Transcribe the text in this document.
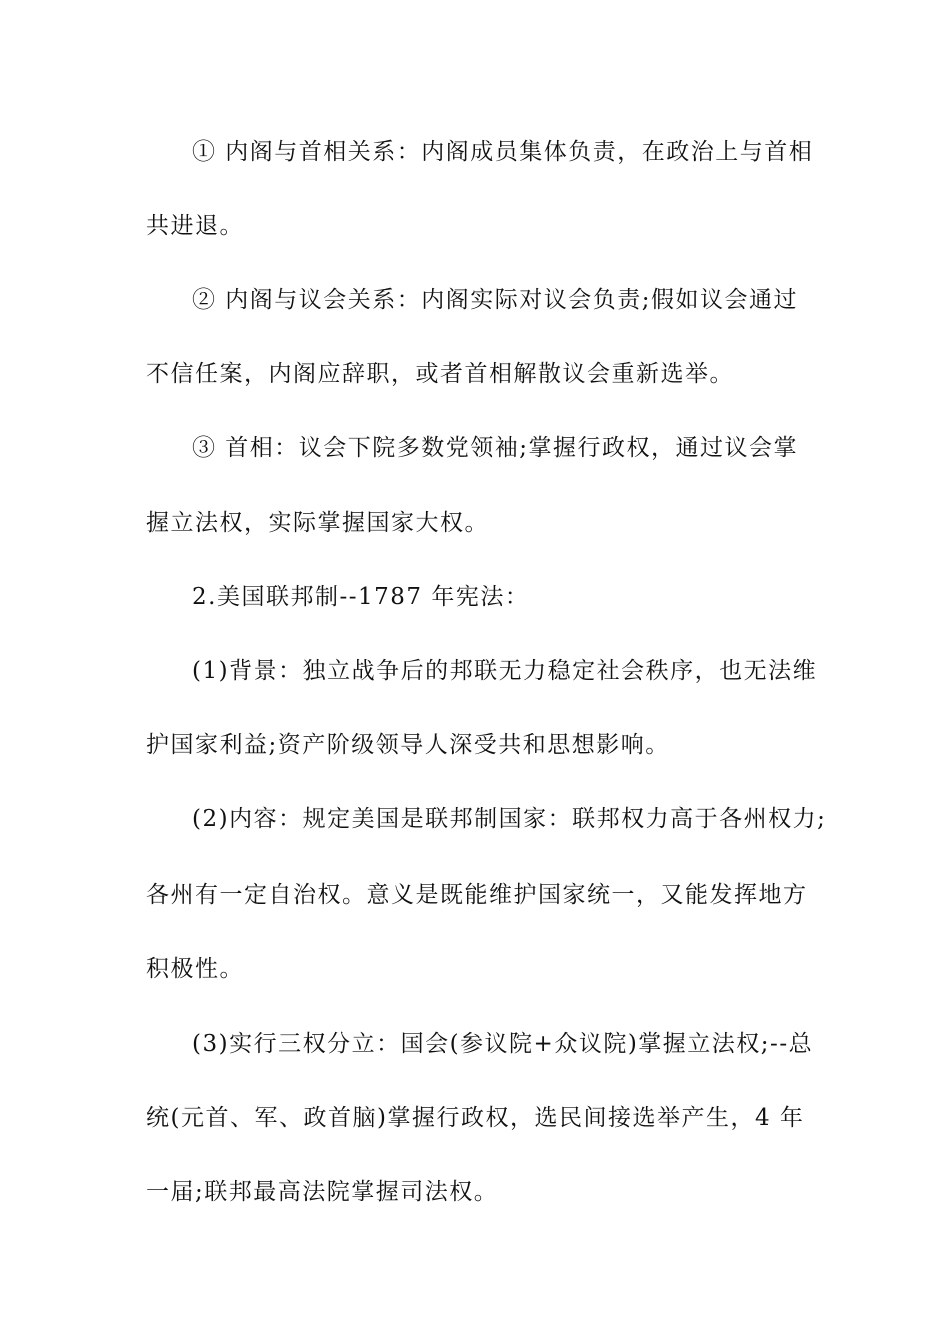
① 内阁与首相关系：内阁成员集体负责，在政治上与首相
共进退。
② 内阁与议会关系：内阁实际对议会负责;假如议会通过
不信任案，内阁应辞职，或者首相解散议会重新选举。
③ 首相：议会下院多数党领袖;掌握行政权，通过议会掌
握立法权，实际掌握国家大权。
2.美国联邦制--1787 年宪法：
(1)背景：独立战争后的邦联无力稳定社会秩序，也无法维
护国家利益;资产阶级领导人深受共和思想影响。
(2)内容：规定美国是联邦制国家：联邦权力高于各州权力;
各州有一定自治权。意义是既能维护国家统一，又能发挥地方
积极性。
(3)实行三权分立：国会(参议院+众议院)掌握立法权;--总
统(元首、军、政首脑)掌握行政权，选民间接选举产生，4 年
一届;联邦最高法院掌握司法权。
